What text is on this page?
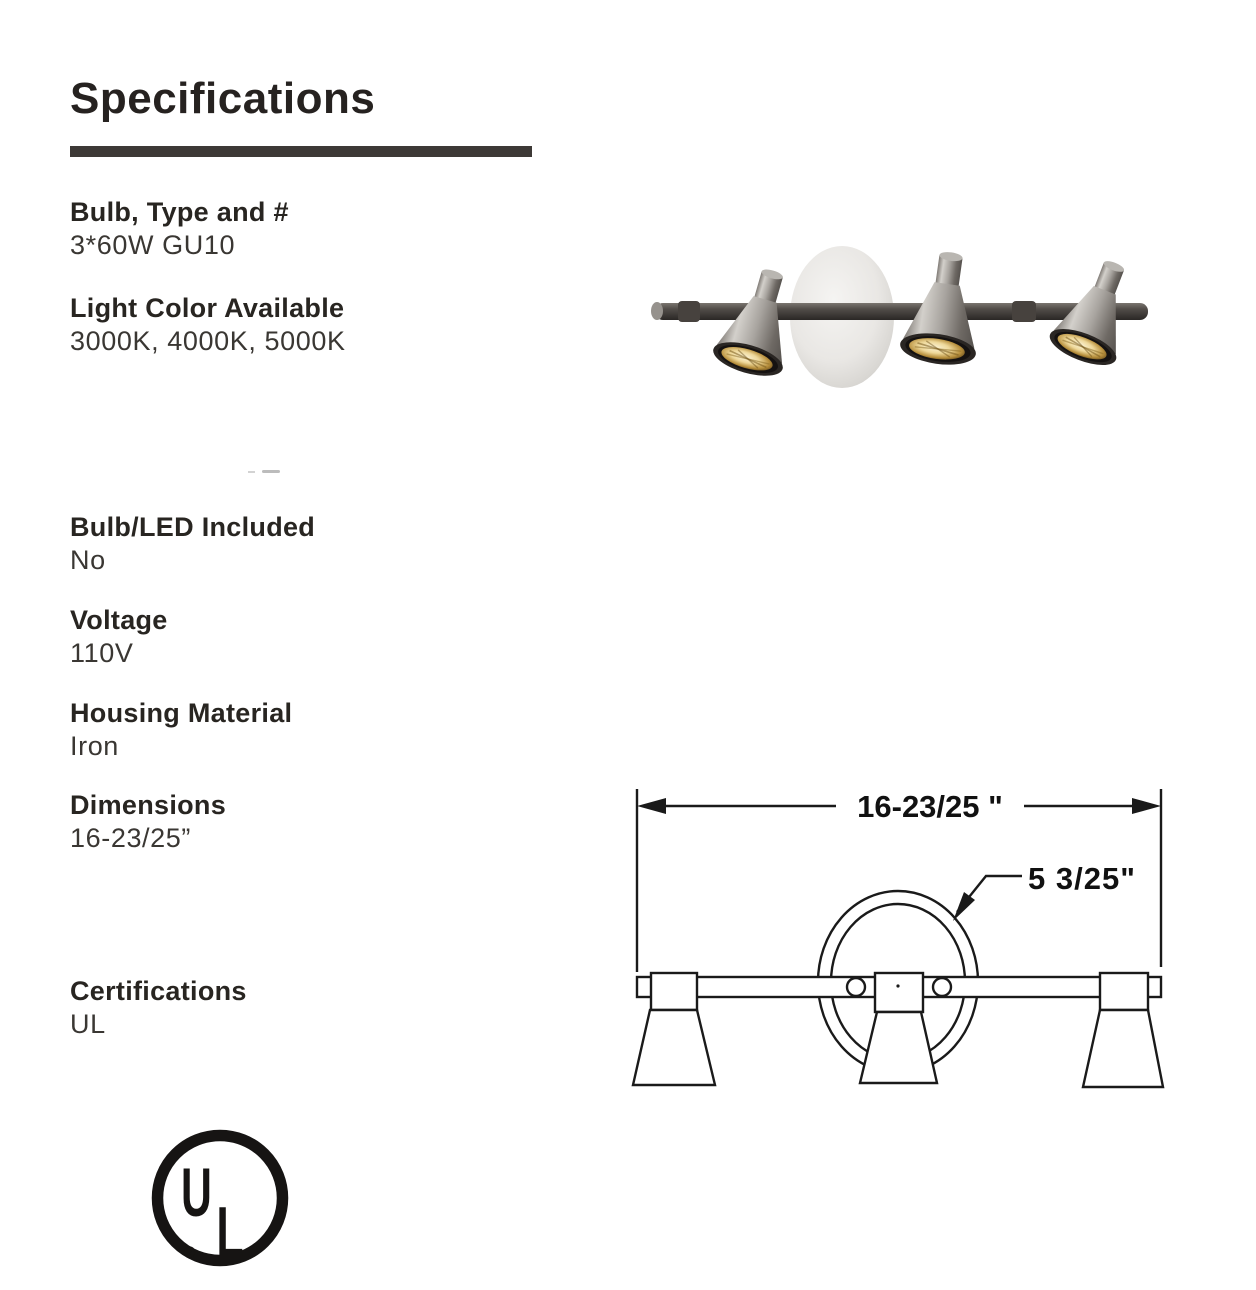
Specifications
Bulb, Type and #
3*60W GU10
Light Color Available
3000K, 4000K, 5000K
Bulb/LED Included
No
Voltage
110V
Housing Material
Iron
Dimensions
16-23/25”
Certifications
UL
16-23/25 "
5 3/25"
U L
®
